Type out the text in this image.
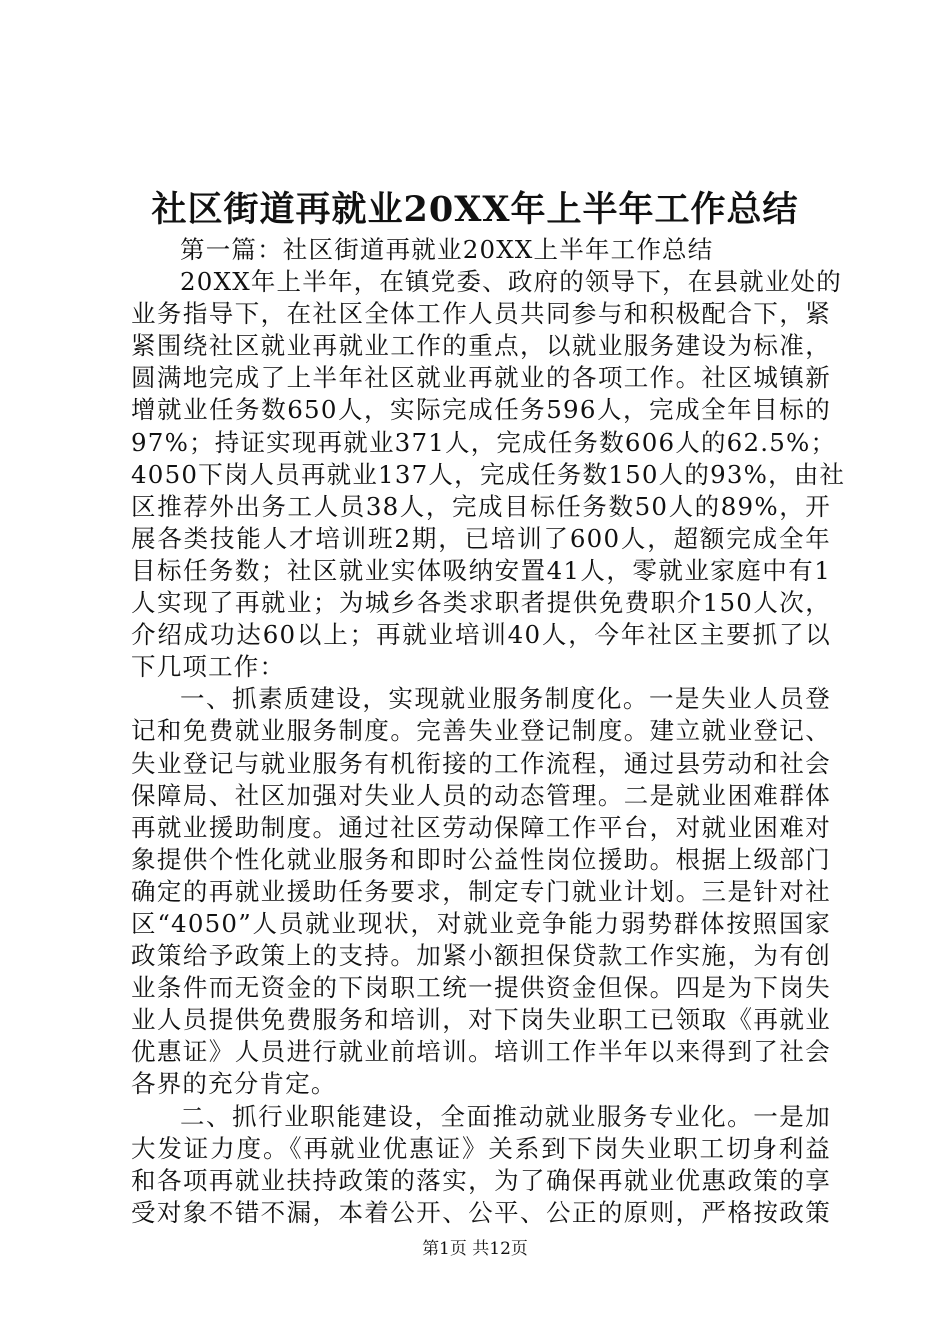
社区街道再就业20XX年上半年工作总结
第一篇：社区街道再就业20XX上半年工作总结
20XX年上半年，在镇党委、政府的领导下，在县就业处的
业务指导下，在社区全体工作人员共同参与和积极配合下，紧
紧围绕社区就业再就业工作的重点，以就业服务建设为标准，
圆满地完成了上半年社区就业再就业的各项工作。社区城镇新
增就业任务数650人，实际完成任务596人，完成全年目标的
97%；持证实现再就业371人，完成任务数606人的62.5%；
4050下岗人员再就业137人，完成任务数150人的93%，由社
区推荐外出务工人员38人，完成目标任务数50人的89%，开
展各类技能人才培训班2期，已培训了600人，超额完成全年
目标任务数；社区就业实体吸纳安置41人，零就业家庭中有1
人实现了再就业；为城乡各类求职者提供免费职介150人次，
介绍成功达60以上；再就业培训40人，今年社区主要抓了以
下几项工作：
一、抓素质建设，实现就业服务制度化。一是失业人员登
记和免费就业服务制度。完善失业登记制度。建立就业登记、
失业登记与就业服务有机衔接的工作流程，通过县劳动和社会
保障局、社区加强对失业人员的动态管理。二是就业困难群体
再就业援助制度。通过社区劳动保障工作平台，对就业困难对
象提供个性化就业服务和即时公益性岗位援助。根据上级部门
确定的再就业援助任务要求，制定专门就业计划。三是针对社
区“4050”人员就业现状，对就业竞争能力弱势群体按照国家
政策给予政策上的支持。加紧小额担保贷款工作实施，为有创
业条件而无资金的下岗职工统一提供资金但保。四是为下岗失
业人员提供免费服务和培训，对下岗失业职工已领取《再就业
优惠证》人员进行就业前培训。培训工作半年以来得到了社会
各界的充分肯定。
二、抓行业职能建设，全面推动就业服务专业化。一是加
大发证力度。《再就业优惠证》关系到下岗失业职工切身利益
和各项再就业扶持政策的落实，为了确保再就业优惠政策的享
受对象不错不漏，本着公开、公平、公正的原则，严格按政策
第1页 共12页
